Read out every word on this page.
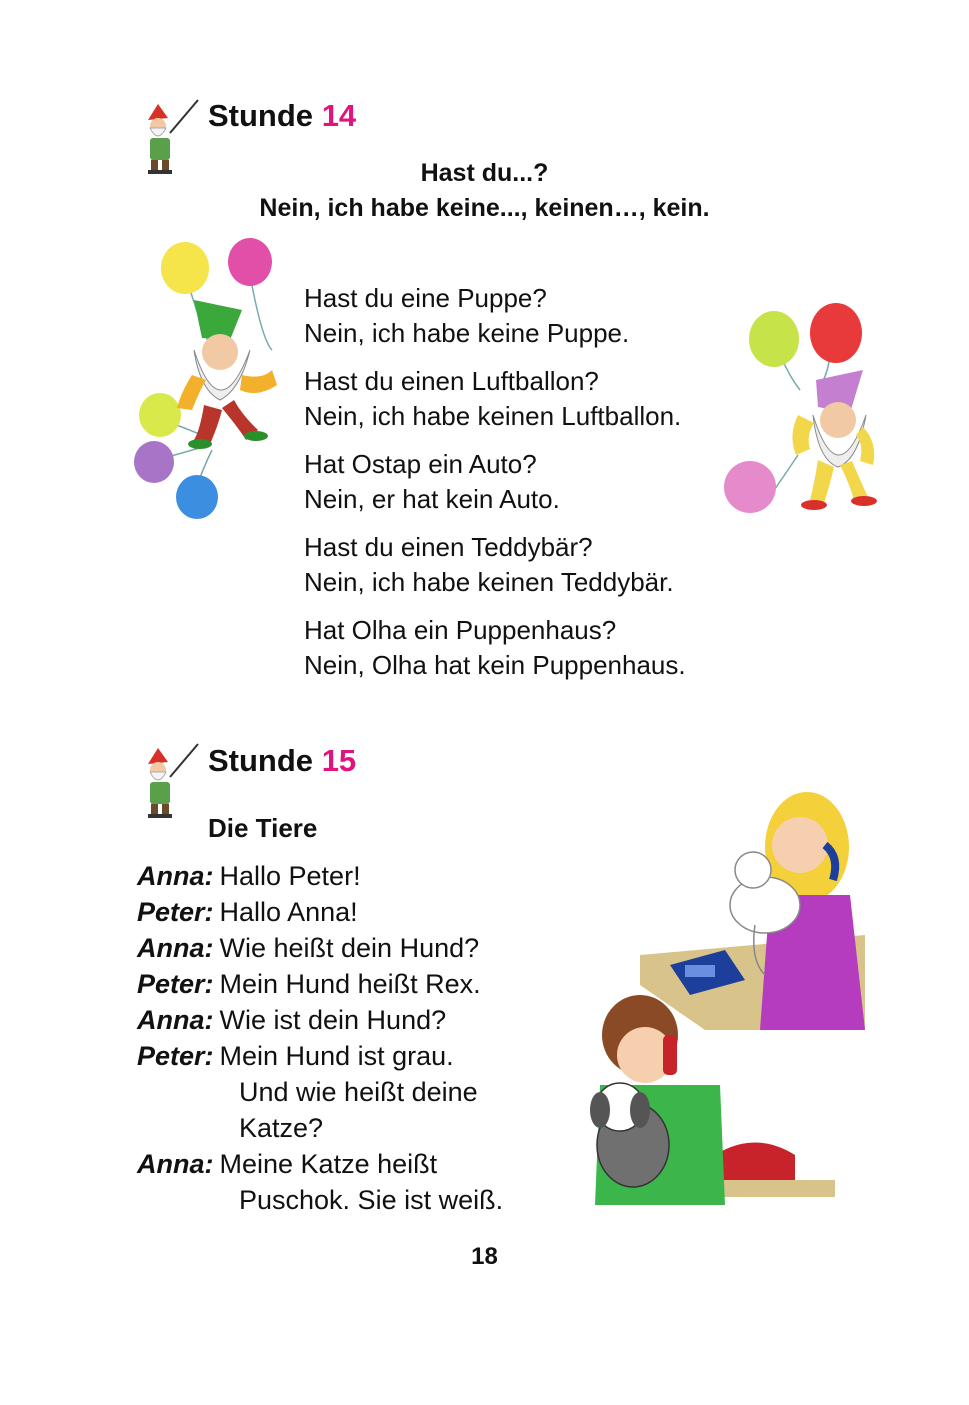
Stunde 14
Hast du...?
Nein, ich habe keine..., keinen…, kein.
Hast du eine Puppe?
Nein, ich habe keine Puppe.
Hast du einen Luftballon?
Nein, ich habe keinen Luftballon.
Hat Ostap ein Auto?
Nein, er hat kein Auto.
Hast du einen Teddybär?
Nein, ich habe keinen Teddybär.
Hat Olha ein Puppenhaus?
Nein, Olha hat kein Puppenhaus.
Stunde 15
Die Tiere
Anna: Hallo Peter!
Peter: Hallo Anna!
Anna: Wie heißt dein Hund?
Peter: Mein Hund heißt Rex.
Anna: Wie ist dein Hund?
Peter: Mein Hund ist grau.
Und wie heißt deine
Katze?
Anna: Meine Katze heißt
Puschok. Sie ist weiß.
18
